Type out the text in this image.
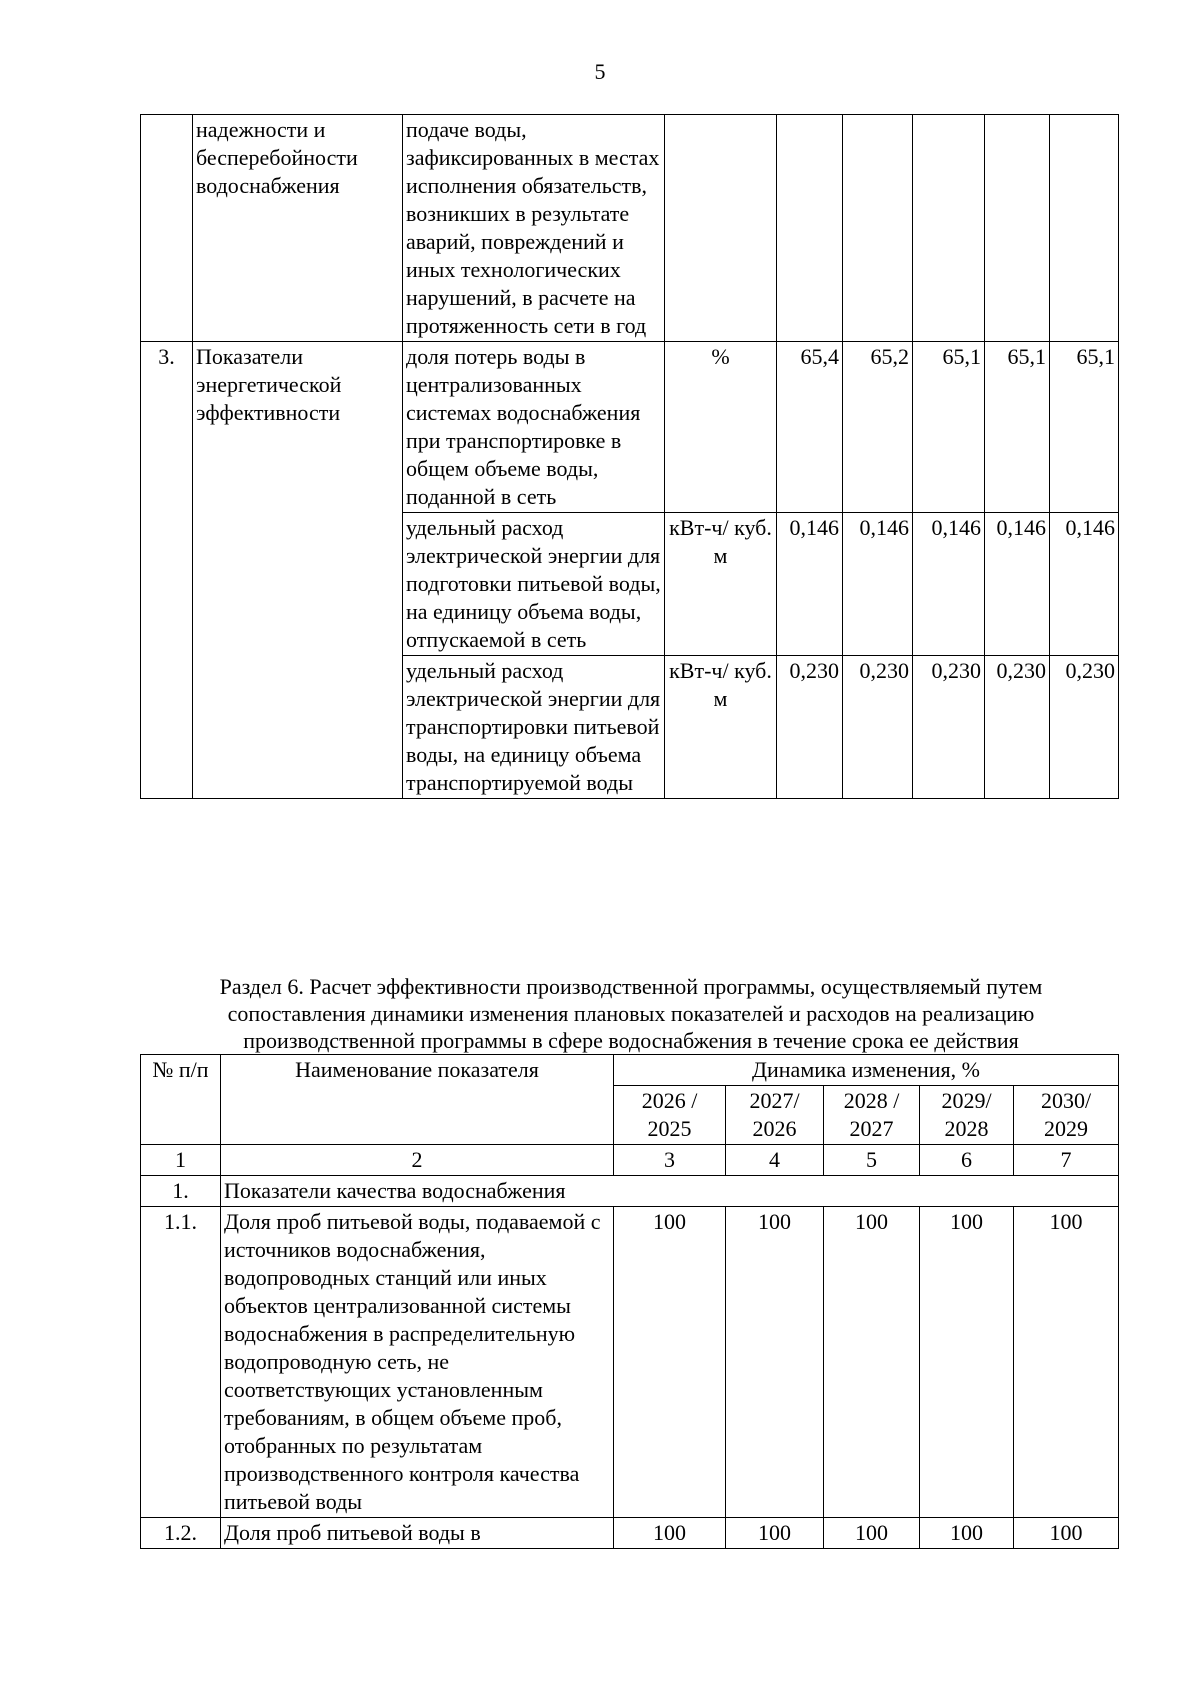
5
	надежности и бесперебойности водоснабжения	подаче воды, зафиксированных в местах исполнения обязательств, возникших в результате аварий, повреждений и иных технологических нарушений, в расчете на протяженность сети в год						
3.	Показатели энергетической эффективности	доля потерь воды в централизованных системах водоснабжения при транспортировке в общем объеме воды, поданной в сеть	%	65,4	65,2	65,1	65,1	65,1
		удельный расход электрической энергии для подготовки питьевой воды, на единицу объема воды, отпускаемой в сеть	кВт-ч/ куб. м	0,146	0,146	0,146	0,146	0,146
		удельный расход электрической энергии для транспортировки питьевой воды, на единицу объема транспортируемой воды	кВт-ч/ куб. м	0,230	0,230	0,230	0,230	0,230
Раздел 6. Расчет эффективности производственной программы, осуществляемый путем сопоставления динамики изменения плановых показателей и расходов на реализацию производственной программы в сфере водоснабжения в течение срока ее действия
№ п/п	Наименование показателя	Динамика изменения, %				
		2026 / 2025	2027/ 2026	2028 / 2027	2029/ 2028	2030/ 2029
1	2	3	4	5	6	7
1.	Показатели качества водоснабжения					
1.1.	Доля проб питьевой воды, подаваемой с источников водоснабжения, водопроводных станций или иных объектов централизованной системы водоснабжения в распределительную водопроводную сеть, не соответствующих установленным требованиям, в общем объеме проб, отобранных по результатам производственного контроля качества питьевой воды	100	100	100	100	100
1.2.	Доля проб питьевой воды в	100	100	100	100	100
